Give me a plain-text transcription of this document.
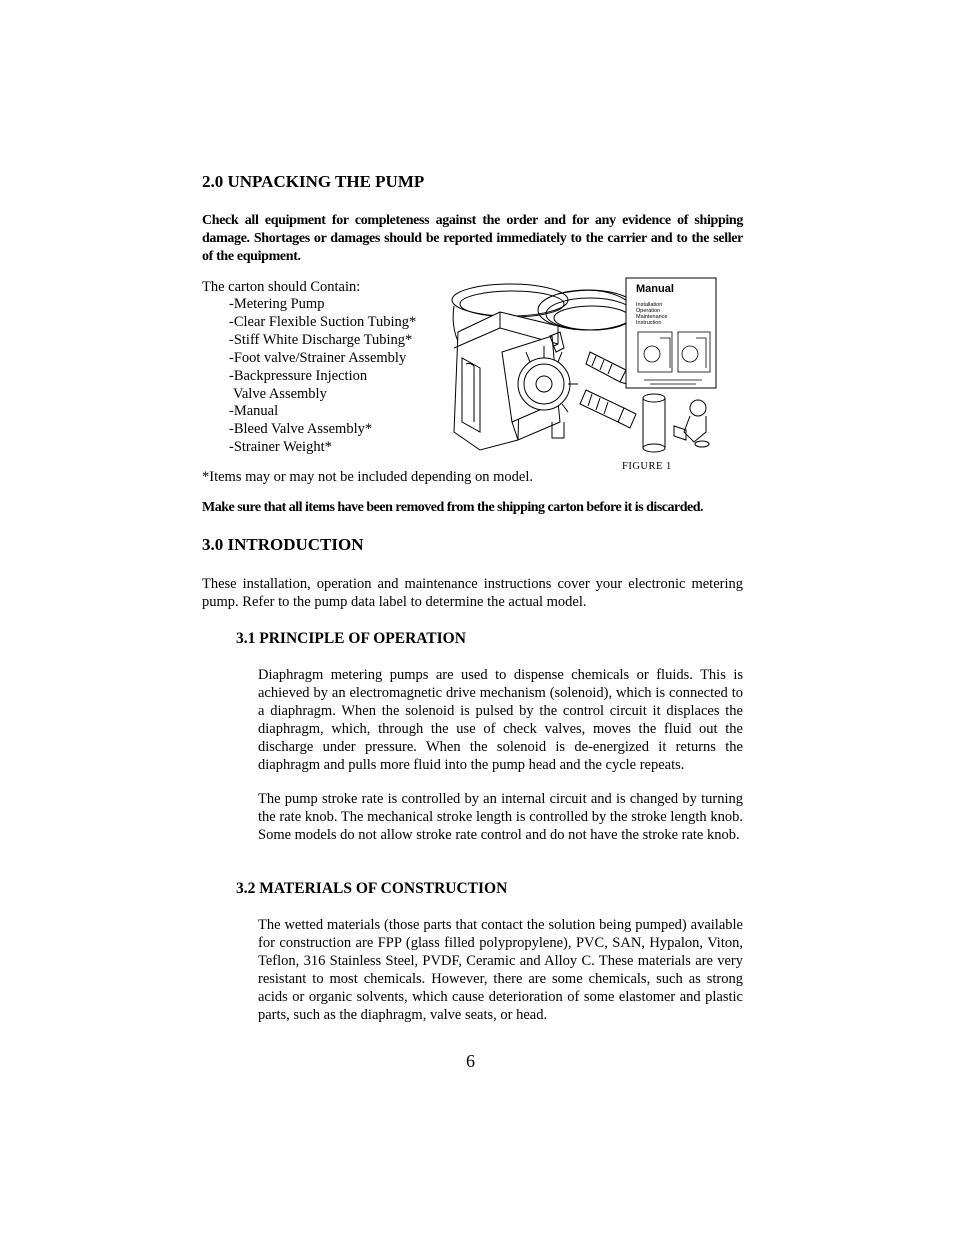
2.0 UNPACKING THE PUMP
Check all equipment for completeness against the order and for any evidence of shipping damage. Shortages or damages should be reported immediately to the carrier and to the seller of the equipment.
The carton should Contain:
-Metering Pump
-Clear Flexible Suction Tubing*
-Stiff White Discharge Tubing*
-Foot valve/Strainer Assembly
-Backpressure Injection
Valve Assembly
-Manual
-Bleed Valve Assembly*
-Strainer Weight*
Manual
Installation
Operation
Maintenance
Instruction
FIGURE 1
*Items may or may not be included depending on model.
Make sure that all items have been removed from the shipping carton before it is discarded.
3.0 INTRODUCTION
These installation, operation and maintenance instructions cover your electronic metering pump. Refer to the pump data label to determine the actual model.
3.1 PRINCIPLE OF OPERATION
Diaphragm metering pumps are used to dispense chemicals or fluids. This is achieved by an electromagnetic drive mechanism (solenoid), which is connected to a diaphragm. When the solenoid is pulsed by the control circuit it displaces the diaphragm, which, through the use of check valves, moves the fluid out the discharge under pressure. When the solenoid is de-energized it returns the diaphragm and pulls more fluid into the pump head and the cycle repeats.
The pump stroke rate is controlled by an internal circuit and is changed by turning the rate knob. The mechanical stroke length is controlled by the stroke length knob. Some models do not allow stroke rate control and do not have the stroke rate knob.
3.2 MATERIALS OF CONSTRUCTION
The wetted materials (those parts that contact the solution being pumped) available for construction are FPP (glass filled polypropylene), PVC, SAN, Hypalon, Viton, Teflon, 316 Stainless Steel, PVDF, Ceramic and Alloy C. These materials are very resistant to most chemicals. However, there are some chemicals, such as strong acids or organic solvents, which cause deterioration of some elastomer and plastic parts, such as the diaphragm, valve seats, or head.
6
